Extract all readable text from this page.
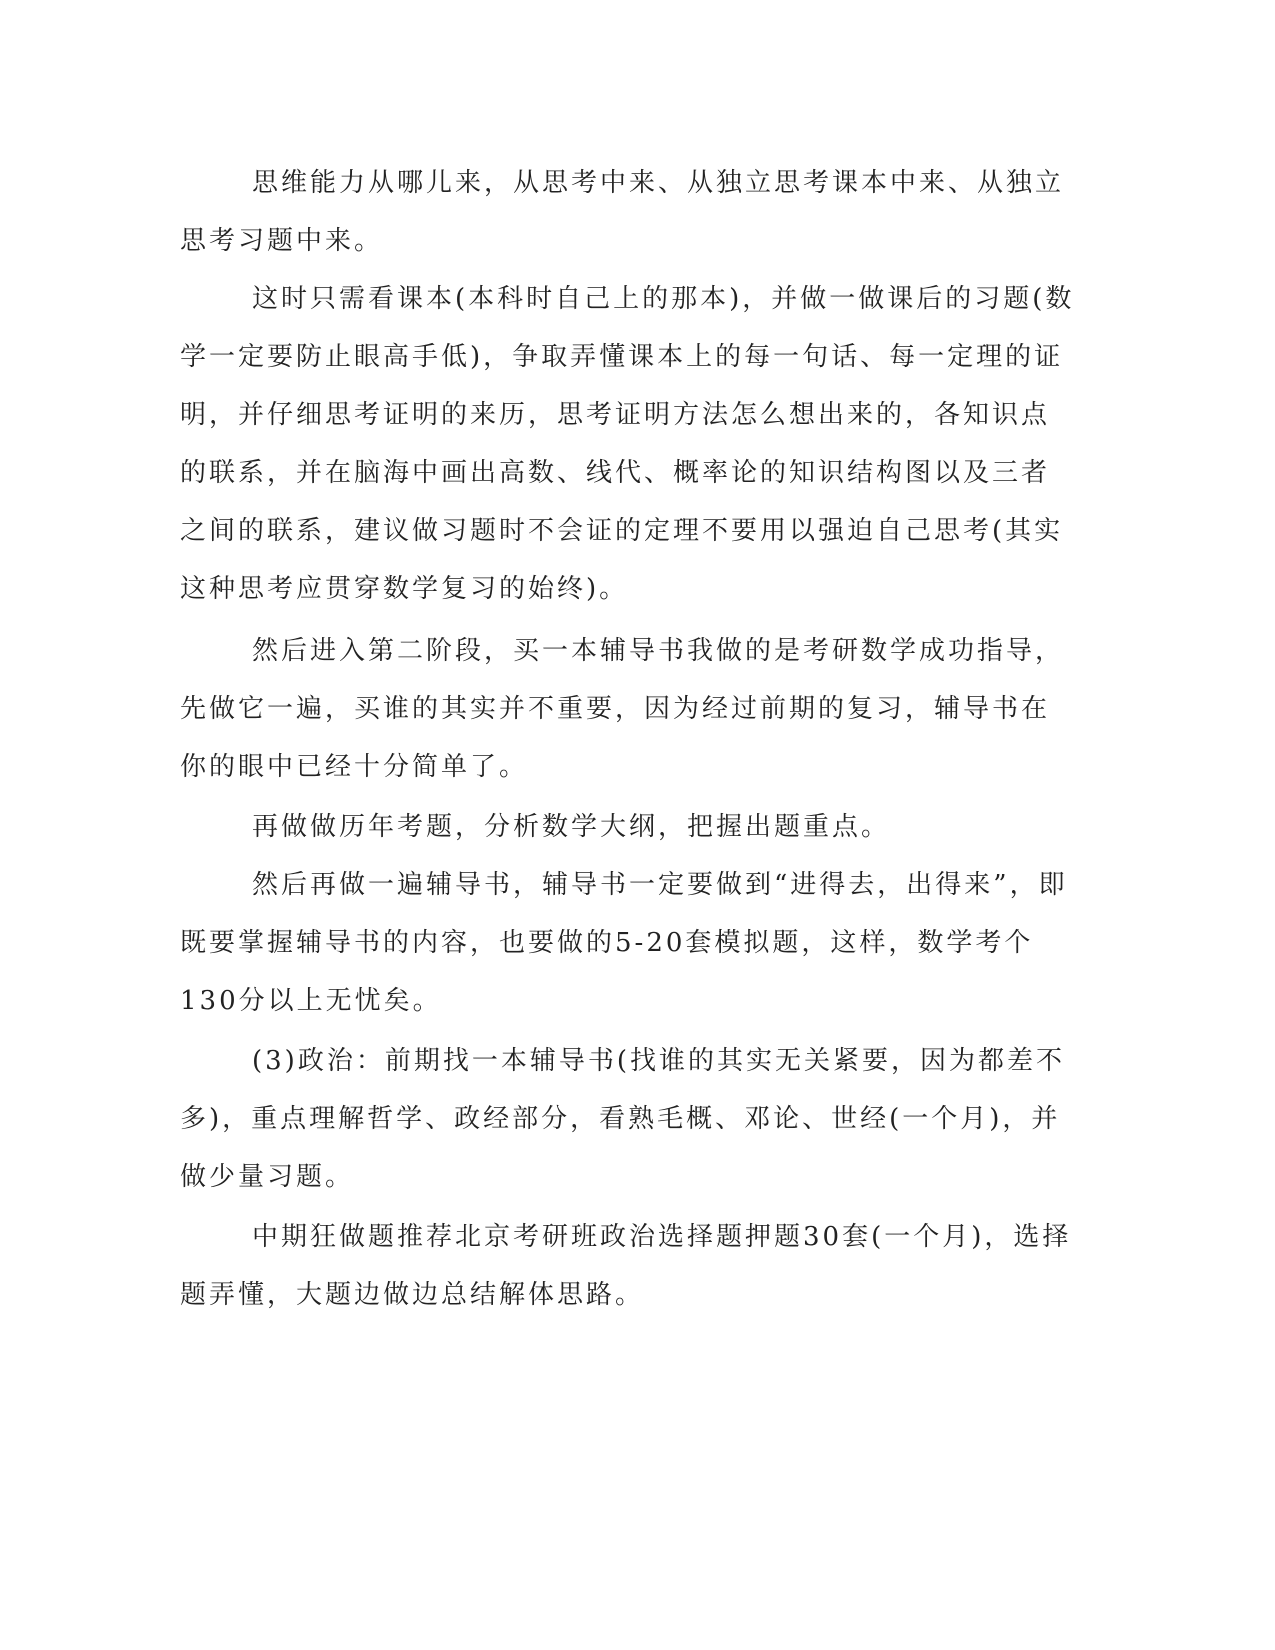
思维能力从哪儿来，从思考中来、从独立思考课本中来、从独立
思考习题中来。
这时只需看课本(本科时自己上的那本)，并做一做课后的习题(数
学一定要防止眼高手低)，争取弄懂课本上的每一句话、每一定理的证
明，并仔细思考证明的来历，思考证明方法怎么想出来的，各知识点
的联系，并在脑海中画出高数、线代、概率论的知识结构图以及三者
之间的联系，建议做习题时不会证的定理不要用以强迫自己思考(其实
这种思考应贯穿数学复习的始终)。
然后进入第二阶段，买一本辅导书我做的是考研数学成功指导，
先做它一遍，买谁的其实并不重要，因为经过前期的复习，辅导书在
你的眼中已经十分简单了。
再做做历年考题，分析数学大纲，把握出题重点。
然后再做一遍辅导书，辅导书一定要做到“进得去，出得来”，即
既要掌握辅导书的内容，也要做的5-20套模拟题，这样，数学考个
130分以上无忧矣。
(3)政治：前期找一本辅导书(找谁的其实无关紧要，因为都差不
多)，重点理解哲学、政经部分，看熟毛概、邓论、世经(一个月)，并
做少量习题。
中期狂做题推荐北京考研班政治选择题押题30套(一个月)，选择
题弄懂，大题边做边总结解体思路。
